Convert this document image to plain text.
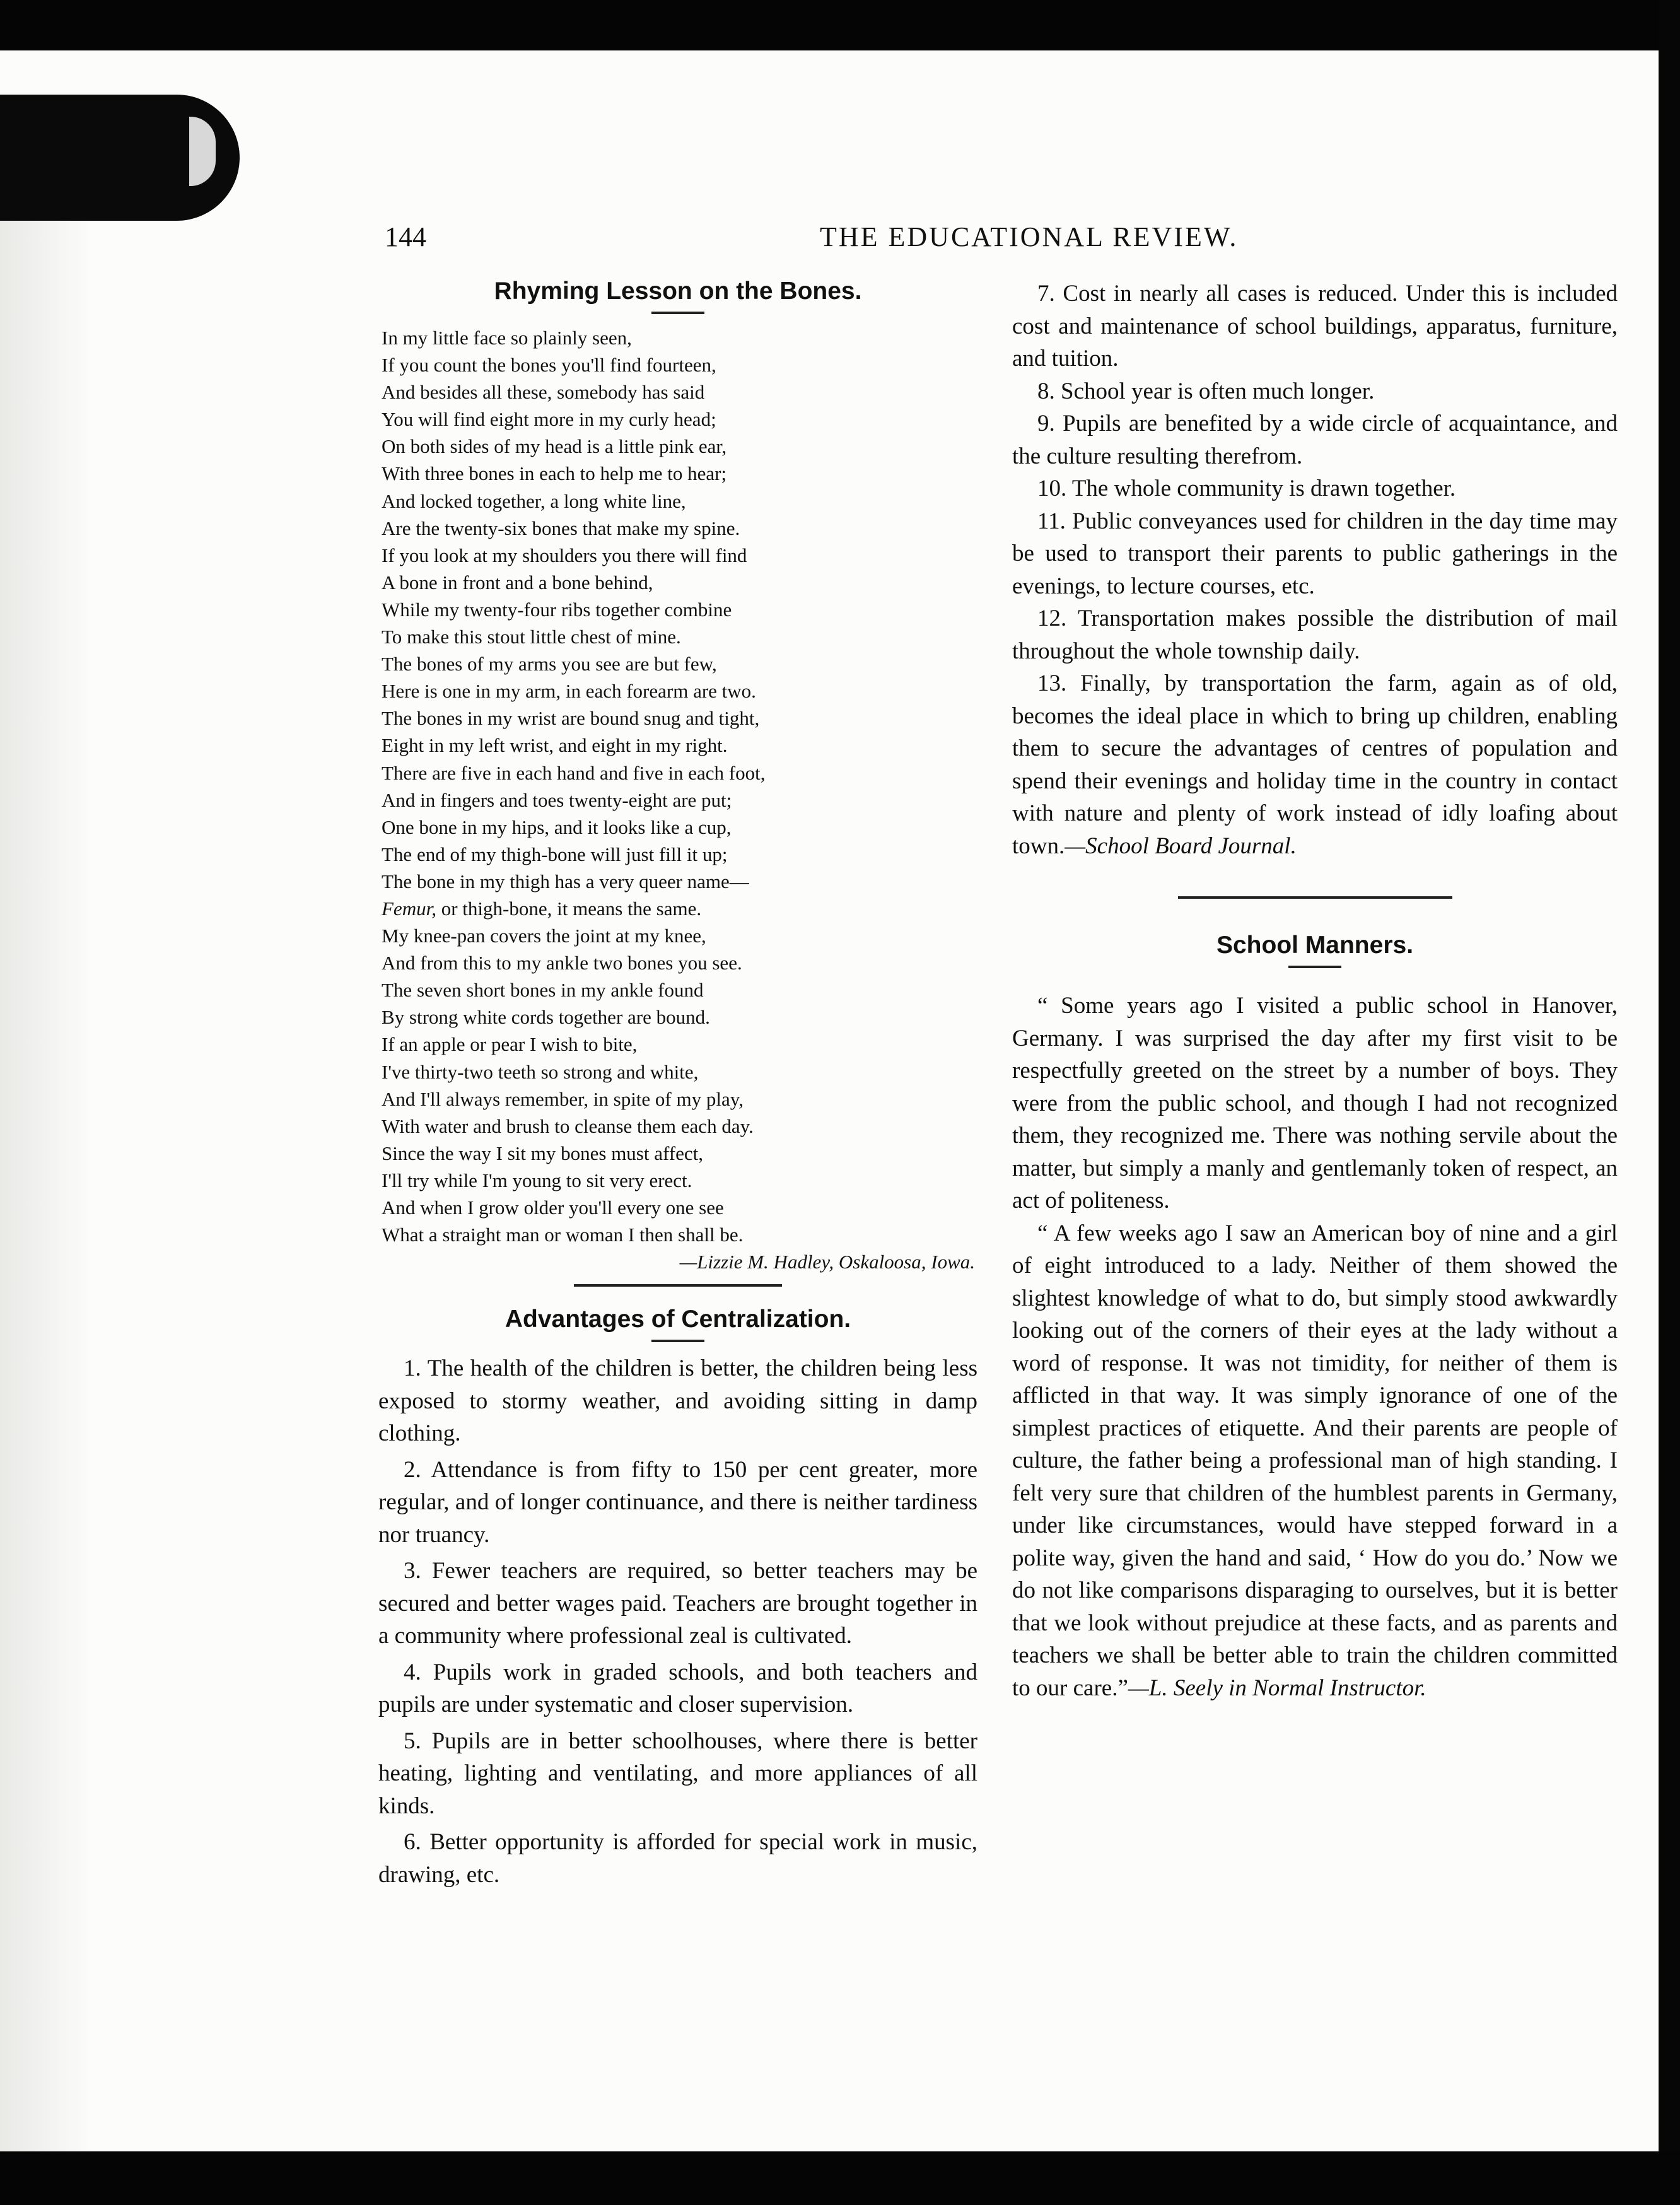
144	THE EDUCATIONAL REVIEW.
Rhyming Lesson on the Bones.
In my little face so plainly seen,
If you count the bones you'll find fourteen,
And besides all these, somebody has said
You will find eight more in my curly head;
On both sides of my head is a little pink ear,
With three bones in each to help me to hear;
And locked together, a long white line,
Are the twenty-six bones that make my spine.
If you look at my shoulders you there will find
A bone in front and a bone behind,
While my twenty-four ribs together combine
To make this stout little chest of mine.
The bones of my arms you see are but few,
Here is one in my arm, in each forearm are two.
The bones in my wrist are bound snug and tight,
Eight in my left wrist, and eight in my right.
There are five in each hand and five in each foot,
And in fingers and toes twenty-eight are put;
One bone in my hips, and it looks like a cup,
The end of my thigh-bone will just fill it up;
The bone in my thigh has a very queer name—
Femur, or thigh-bone, it means the same.
My knee-pan covers the joint at my knee,
And from this to my ankle two bones you see.
The seven short bones in my ankle found
By strong white cords together are bound.
If an apple or pear I wish to bite,
I've thirty-two teeth so strong and white,
And I'll always remember, in spite of my play,
With water and brush to cleanse them each day.
Since the way I sit my bones must affect,
I'll try while I'm young to sit very erect.
And when I grow older you'll every one see
What a straight man or woman I then shall be.
—Lizzie M. Hadley, Oskaloosa, Iowa.
Advantages of Centralization.

1. The health of the children is better, the children being less exposed to stormy weather, and avoiding sitting in damp clothing.

2. Attendance is from fifty to 150 per cent greater, more regular, and of longer continuance, and there is neither tardiness nor truancy.

3. Fewer teachers are required, so better teachers may be secured and better wages paid. Teachers are brought together in a community where professional zeal is cultivated.

4. Pupils work in graded schools, and both teachers and pupils are under systematic and closer supervision.

5. Pupils are in better schoolhouses, where there is better heating, lighting and ventilating, and more appliances of all kinds.

6. Better opportunity is afforded for special work in music, drawing, etc.

7. Cost in nearly all cases is reduced. Under this is included cost and maintenance of school buildings, apparatus, furniture, and tuition.

8. School year is often much longer.

9. Pupils are benefited by a wide circle of acquaintance, and the culture resulting therefrom.

10. The whole community is drawn together.

11. Public conveyances used for children in the day time may be used to transport their parents to public gatherings in the evenings, to lecture courses, etc.

12. Transportation makes possible the distribution of mail throughout the whole township daily.

13. Finally, by transportation the farm, again as of old, becomes the ideal place in which to bring up children, enabling them to secure the advantages of centres of population and spend their evenings and holiday time in the country in contact with nature and plenty of work instead of idly loafing about town.—School Board Journal.

School Manners.

“ Some years ago I visited a public school in Hanover, Germany. I was surprised the day after my first visit to be respectfully greeted on the street by a number of boys. They were from the public school, and though I had not recognized them, they recognized me. There was nothing servile about the matter, but simply a manly and gentlemanly token of respect, an act of politeness.

“ A few weeks ago I saw an American boy of nine and a girl of eight introduced to a lady. Neither of them showed the slightest knowledge of what to do, but simply stood awkwardly looking out of the corners of their eyes at the lady without a word of response. It was not timidity, for neither of them is afflicted in that way. It was simply ignorance of one of the simplest practices of etiquette. And their parents are people of culture, the father being a professional man of high standing. I felt very sure that children of the humblest parents in Germany, under like circumstances, would have stepped forward in a polite way, given the hand and said, ‘ How do you do.’ Now we do not like comparisons disparaging to ourselves, but it is better that we look without prejudice at these facts, and as parents and teachers we shall be better able to train the children committed to our care.”—L. Seely in Normal Instructor.
